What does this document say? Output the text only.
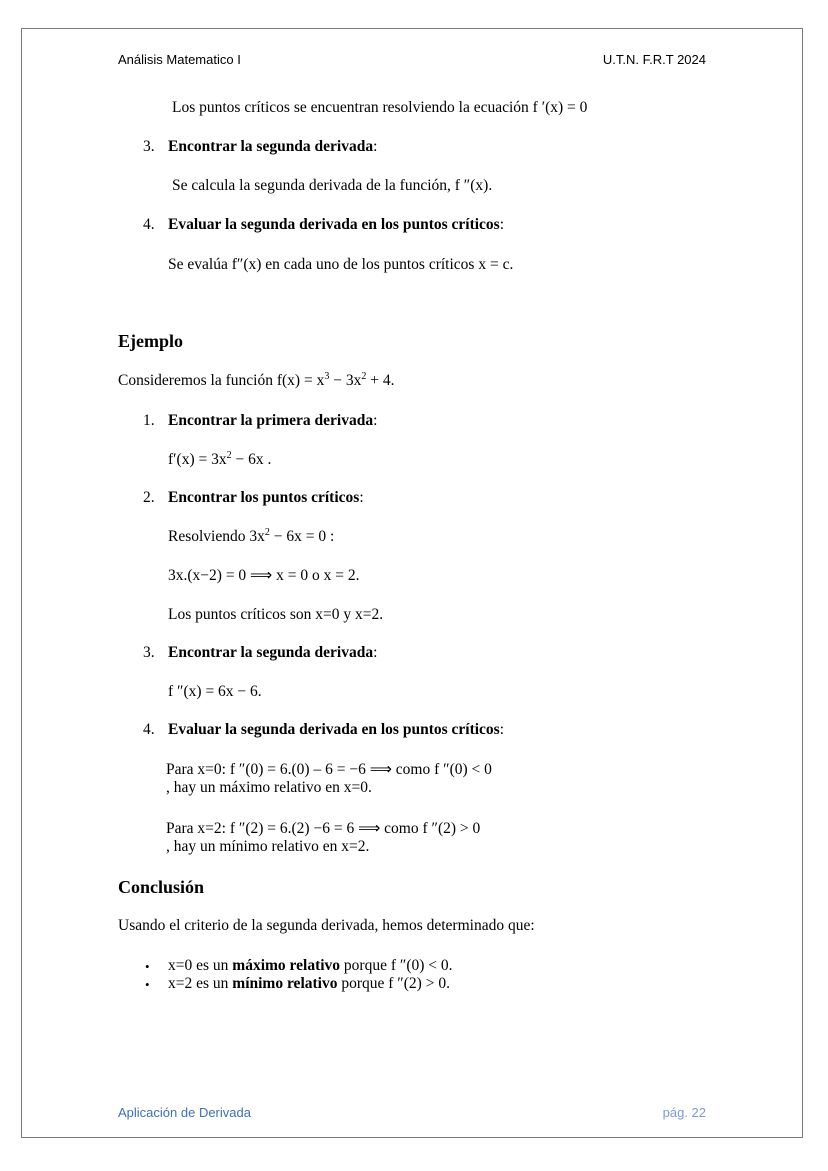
Análisis Matematico I	U.T.N. F.R.T 2024
Los puntos críticos se encuentran resolviendo la ecuación f ′(x) = 0
3. Encontrar la segunda derivada:
Se calcula la segunda derivada de la función, f ″(x).
4. Evaluar la segunda derivada en los puntos críticos:
Se evalúa f″(x) en cada uno de los puntos críticos x = c.
Ejemplo
Consideremos la función $f(x) = x^3 - 3x^2 + 4$.
1. Encontrar la primera derivada:
$f'(x) = 3x^2 - 6x$ .
2. Encontrar los puntos críticos:
Resolviendo $3x^2 - 6x = 0$ :
3x.(x−2) = 0 ⟹ x = 0 o x = 2.
Los puntos críticos son x=0 y x=2.
3. Encontrar la segunda derivada:
f ″(x) = 6x − 6.
4. Evaluar la segunda derivada en los puntos críticos:
Para x=0: f ″(0) = 6.(0) – 6 = −6 ⟹ como f ″(0) < 0
, hay un máximo relativo en x=0.
Para x=2: f ″(2) = 6.(2) −6 = 6 ⟹ como f ″(2) > 0
, hay un mínimo relativo en x=2.
Conclusión
Usando el criterio de la segunda derivada, hemos determinado que:
• x=0 es un máximo relativo porque f ″(0) < 0.
• x=2 es un mínimo relativo porque f ″(2) > 0.
Aplicación de Derivada	pág. 22
